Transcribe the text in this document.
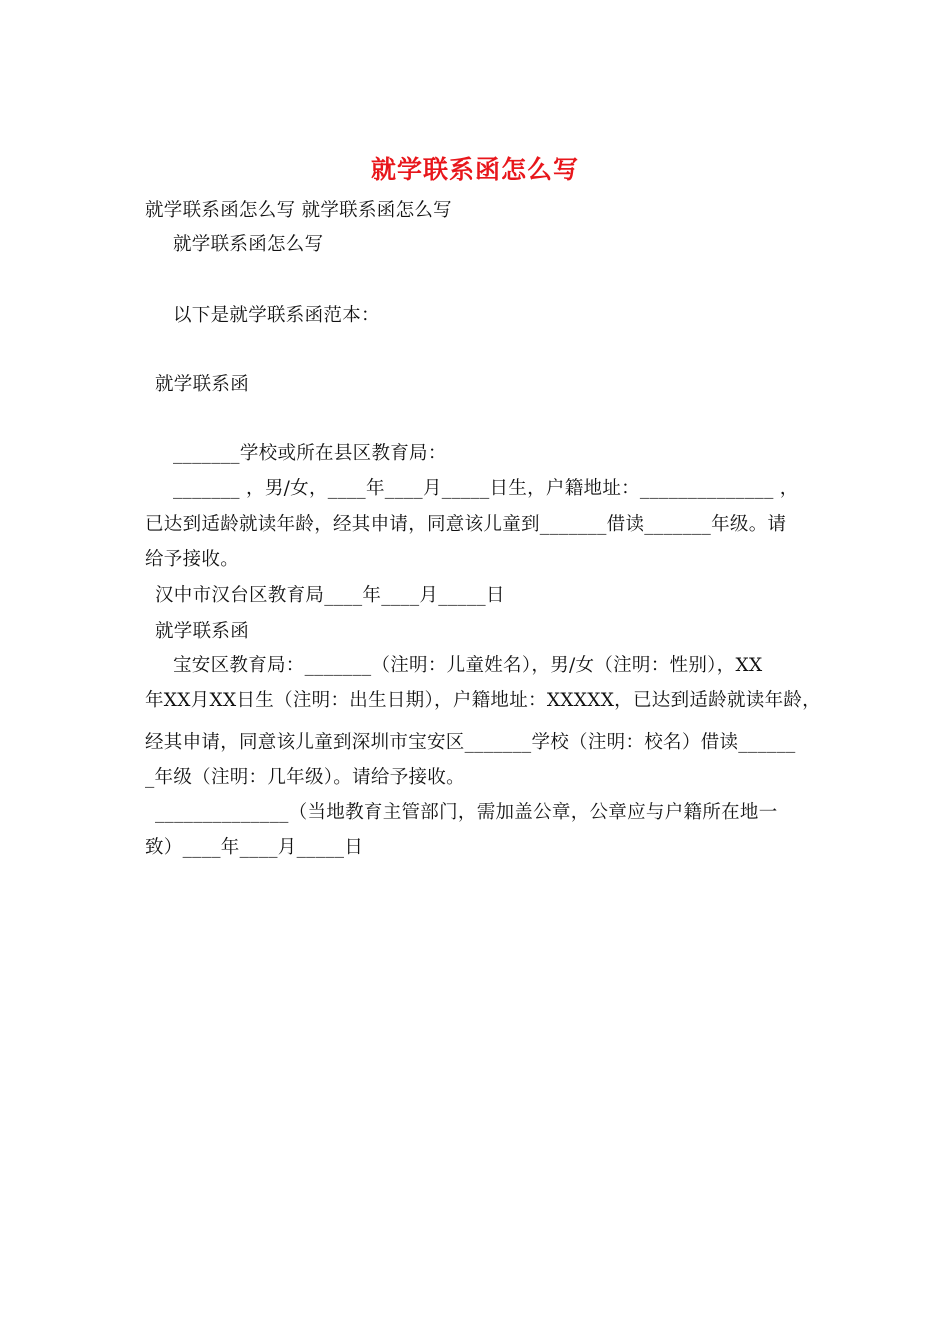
就学联系函怎么写
就学联系函怎么写 就学联系函怎么写
就学联系函怎么写
以下是就学联系函范本：
就学联系函
_______学校或所在县区教育局：
_______ ，男/女，____年____月_____日生，户籍地址：______________ ，
已达到适龄就读年龄，经其申请，同意该儿童到_______借读_______年级。请
给予接收。
汉中市汉台区教育局____年____月_____日
就学联系函
宝安区教育局：_______（注明：儿童姓名），男/女（注明：性别），XX
年XX月XX日生（注明：出生日期），户籍地址：XXXXX，已达到适龄就读年龄，
经其申请，同意该儿童到深圳市宝安区_______学校（注明：校名）借读______
_年级（注明：几年级）。请给予接收。
______________（当地教育主管部门，需加盖公章，公章应与户籍所在地一
致）____年____月_____日
